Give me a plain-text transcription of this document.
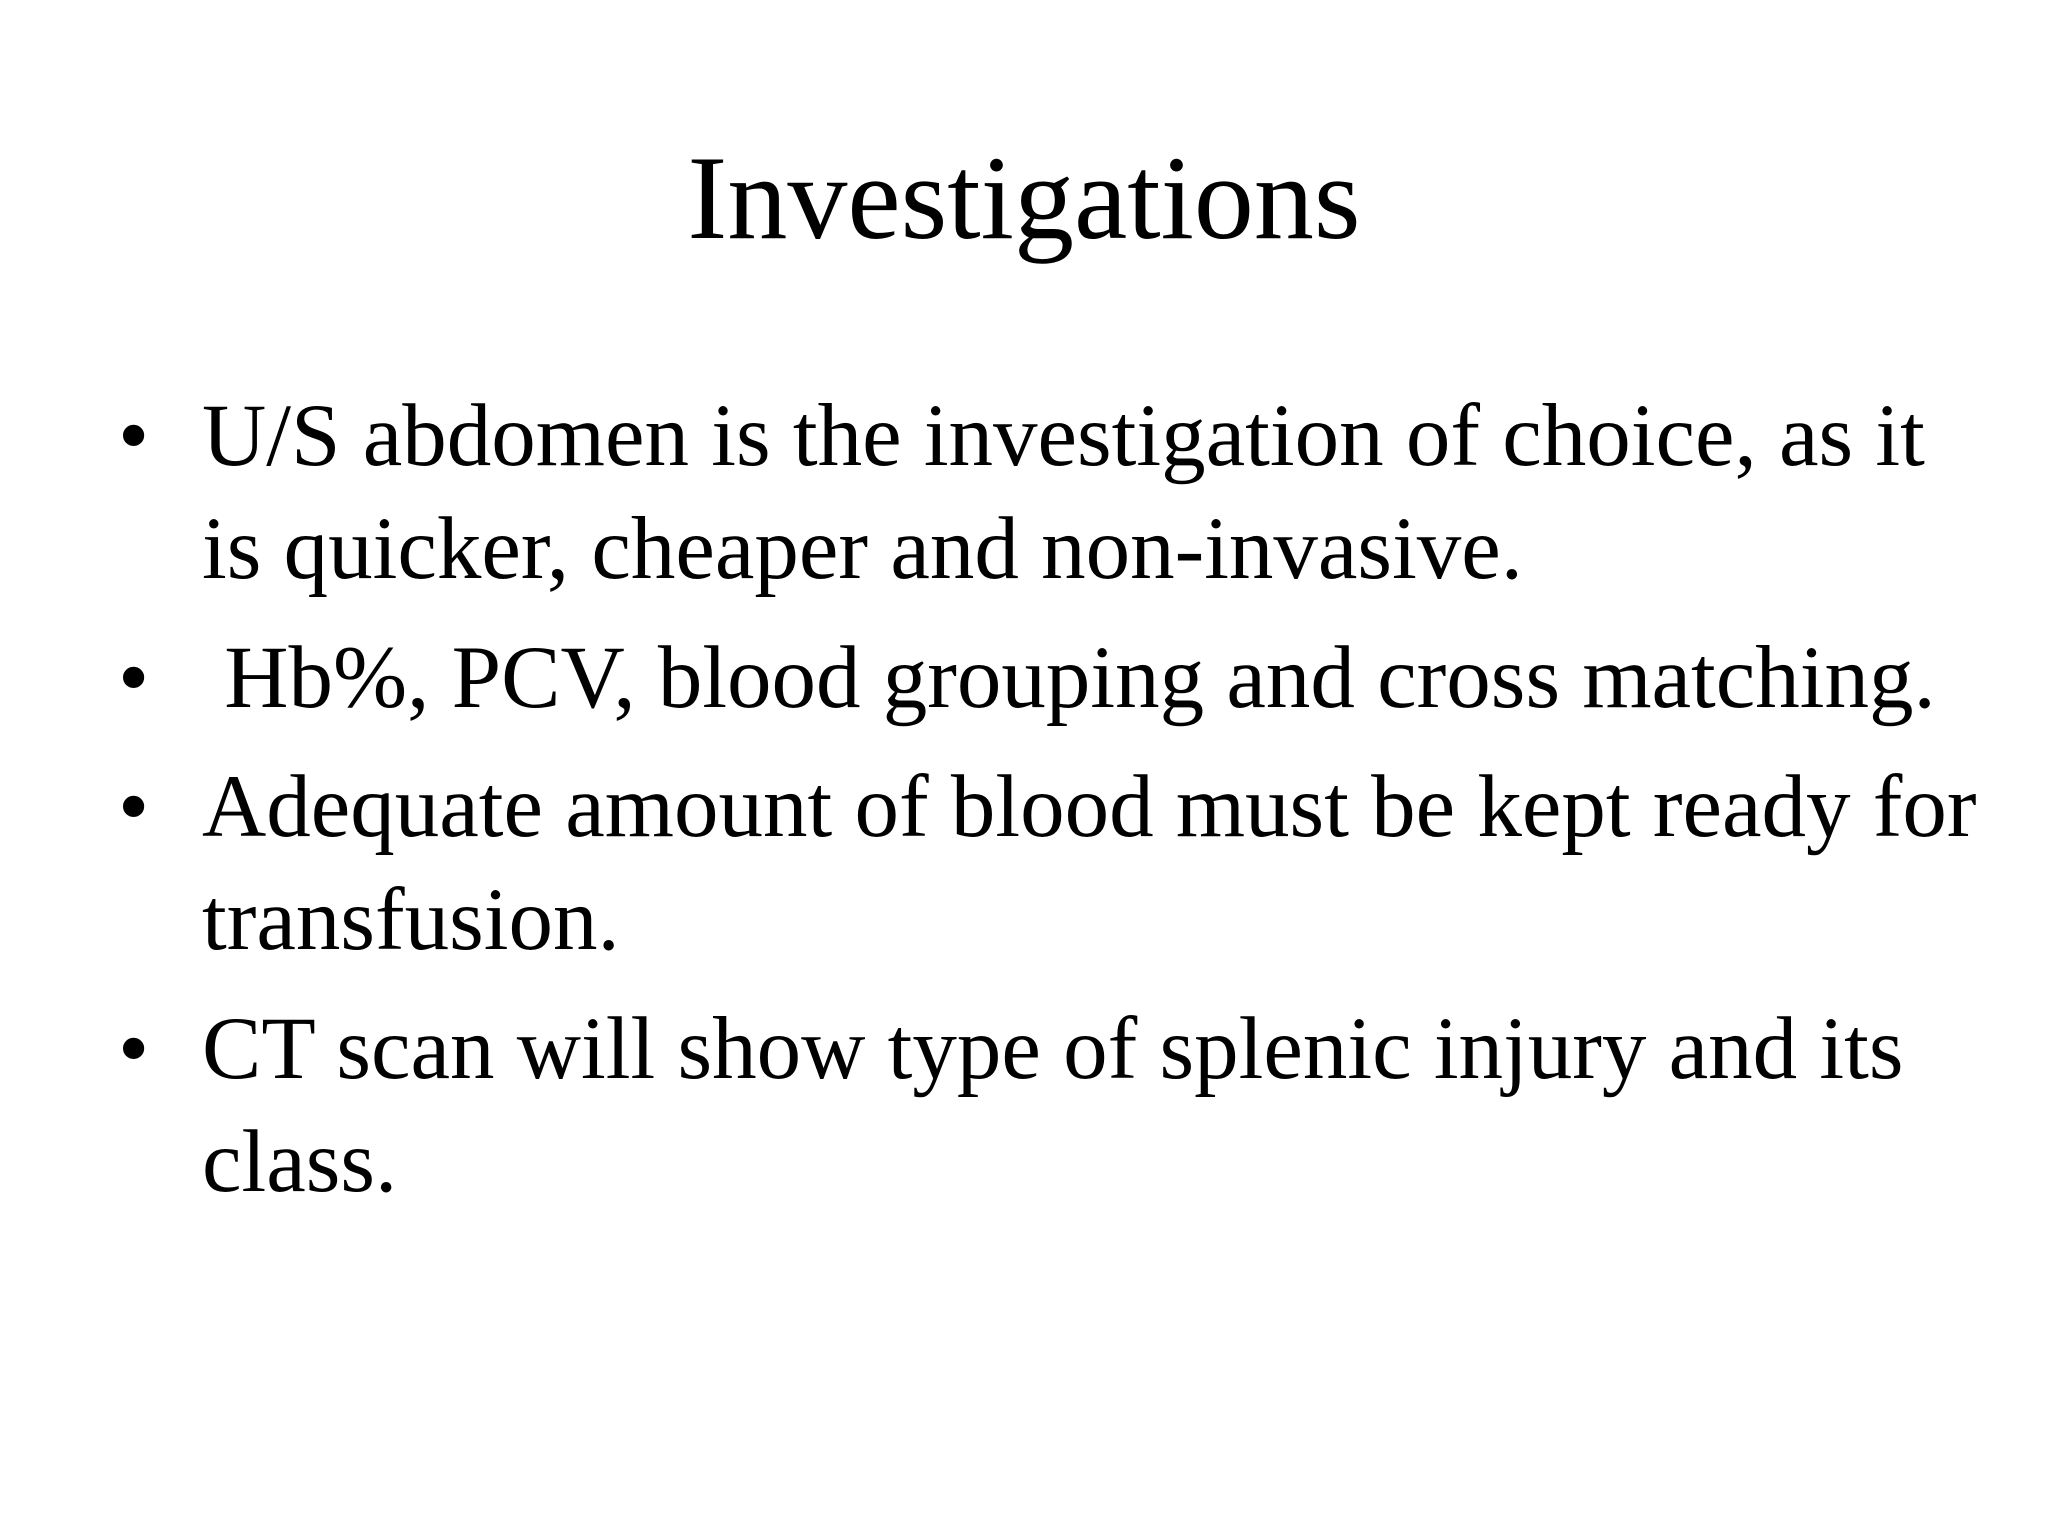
Investigations
• U/S abdomen is the investigation of choice, as it is quicker, cheaper and non-invasive.
• Hb%, PCV, blood grouping and cross matching.
• Adequate amount of blood must be kept ready for transfusion.
• CT scan will show type of splenic injury and its class.
